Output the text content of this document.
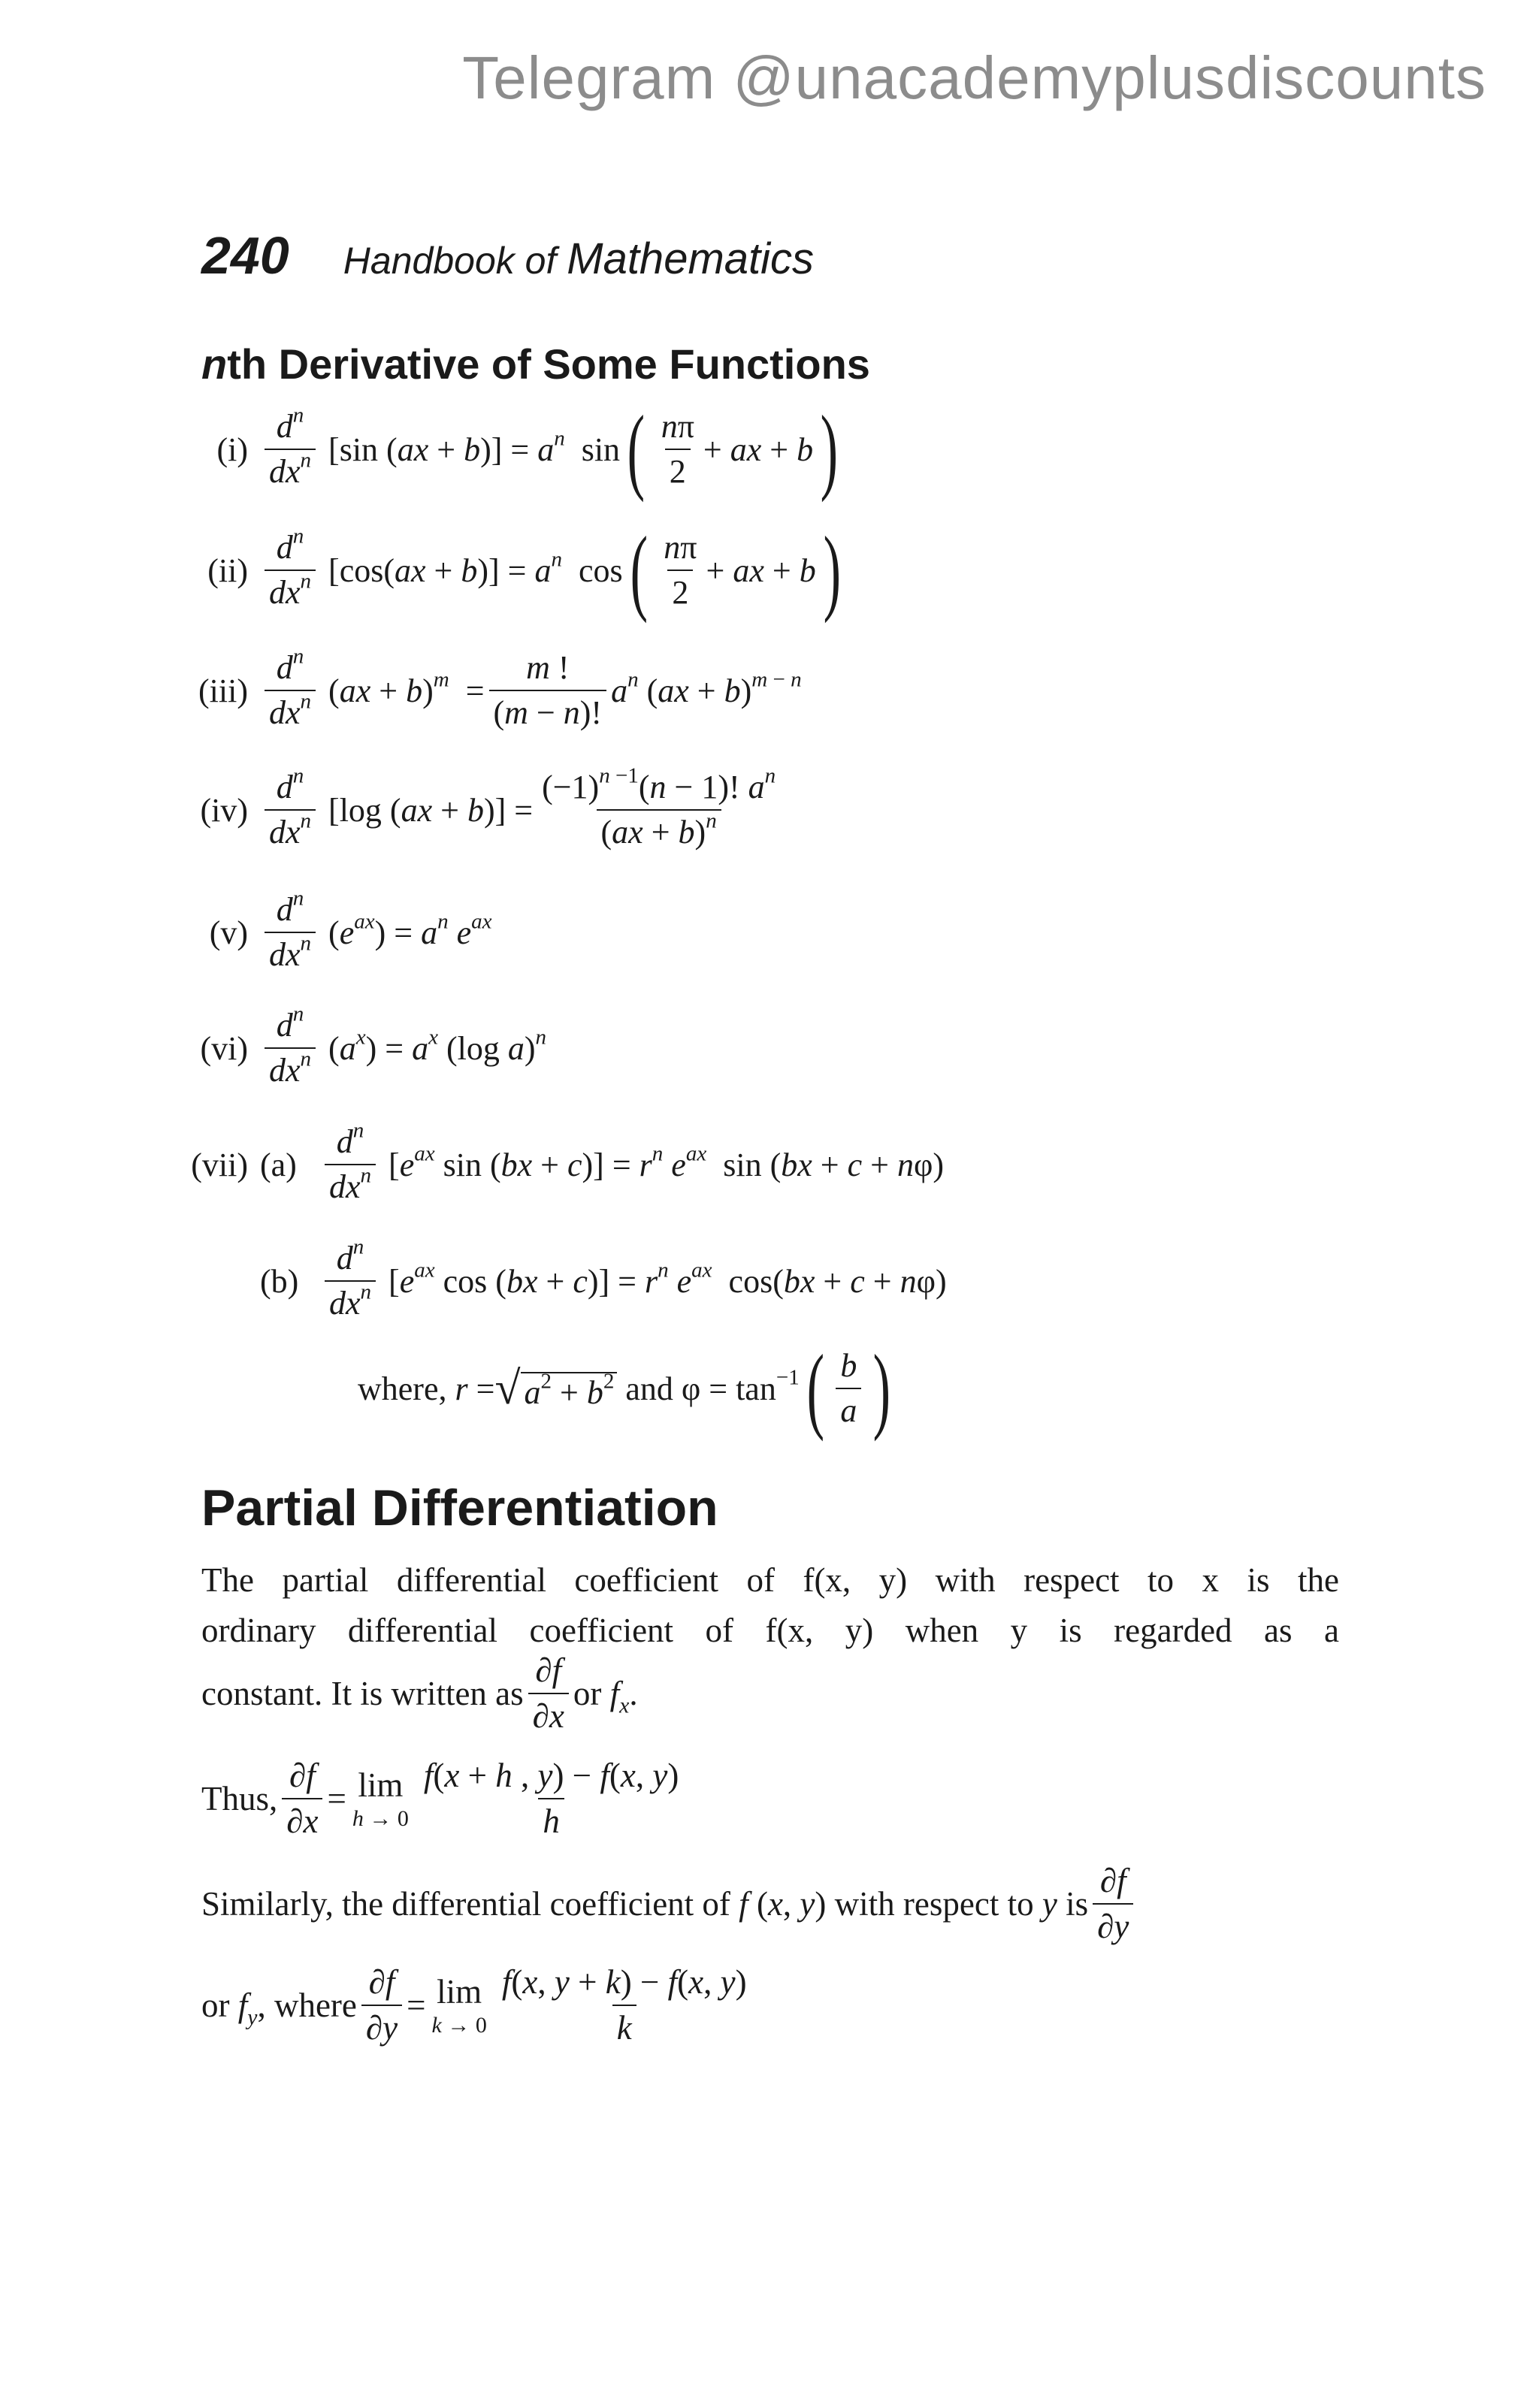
Telegram @unacademyplusdiscounts
240 Handbook of Mathematics
nth Derivative of Some Functions
$(i) \frac{d^n}{dx^n} [\sin$ $(ax + b)] = a^n$  sin ( $\frac{n\pi}{2}$ + ax + b )
$(ii) \frac{d^n}{dx^n} [\cos(ax + b)] = a^n$  cos ( $\frac{n\pi}{2}$ + ax + b )
$(iii) \frac{d^n}{dx^n} (ax + b)^m = \frac{m !}{(m - n)!} a^n$ (ax + b)$^{m - n}$
$(iv) \frac{d^n}{dx^n} [\log$ $(ax + b)] = \frac{(-1)^{n -1}(n - 1)! a^n}{(ax + b)^n}$
$(v) \frac{d^n}{dx^n} (e^{ax}) = a^n$ $e^{ax}$
$(vi) \frac{d^n}{dx^n} (a^x) = a^x$ (log a)$^n$
(vii) $(a) \frac{d^n}{dx^n} [e^{ax}$ $\sin (bx + c)] = r^n$ $e^{ax}$  sin (bx + c + nφ)
$(b) \frac{d^n}{dx^n} [e^{ax}$ $\cos (bx + c)] = r^n$ $e^{ax}$  cos(bx + c + nφ)
where, r = √ $a^2 + b^2$
and $\varphi = \tan^{-1}$ ( $\frac{b}{a}$ )
Partial Differentiation
The partial differential coefficient of f(x, y) with respect to x is the
ordinary differential coefficient of f(x, y) when y is regarded as a
constant. It is written as $\frac{\partial f}{\partial x}$ or $f_x$.
Thus, $\frac{\partial f}{\partial x} = \lim$
$h \to 0 \frac{f(x + h , y) - f(x, y)}{h}$
Similarly, the differential coefficient of f (x, y) with respect to y is $\frac{\partial f}{\partial y}$
or $f_y$ , where $\frac{\partial f}{\partial y} = \lim$
$k \to 0 \frac{f(x, y + k) - f(x, y)}{k}$
